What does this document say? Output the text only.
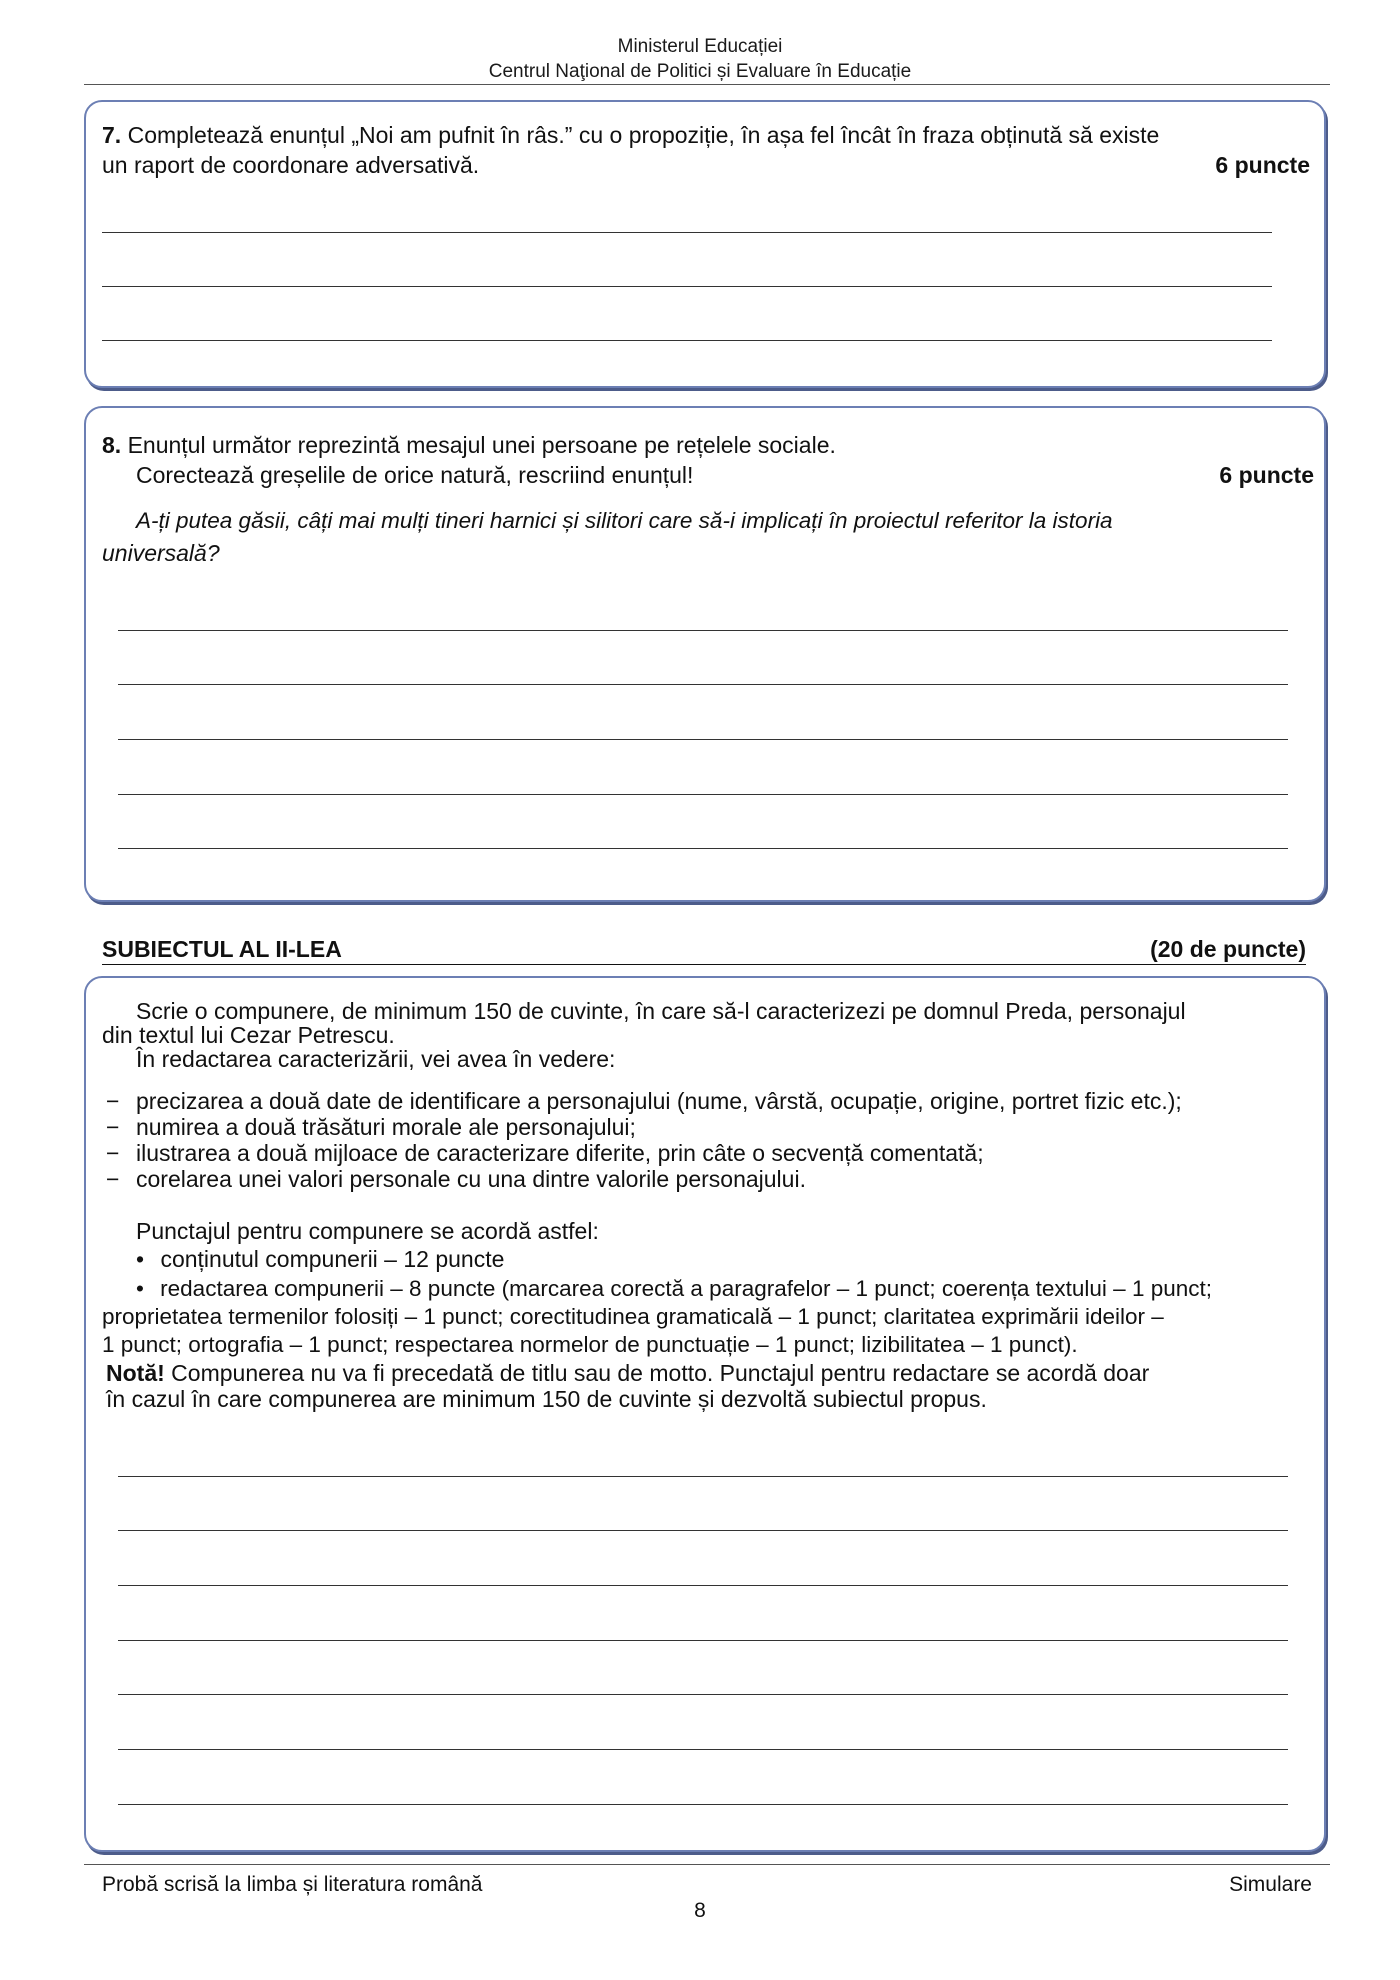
Ministerul Educației
Centrul Naţional de Politici și Evaluare în Educație
7. Completează enunțul „Noi am pufnit în râs.” cu o propoziție, în așa fel încât în fraza obținută să existe
un raport de coordonare adversativă.	6 puncte
8. Enunțul următor reprezintă mesajul unei persoane pe rețelele sociale.
Corectează greșelile de orice natură, rescriind enunțul!	6 puncte
A-ți putea găsii, câți mai mulți tineri harnici și silitori care să-i implicați în proiectul referitor la istoria
universală?
SUBIECTUL AL II-LEA	(20 de puncte)
Scrie o compunere, de minimum 150 de cuvinte, în care să-l caracterizezi pe domnul Preda, personajul
din textul lui Cezar Petrescu.
În redactarea caracterizării, vei avea în vedere:
− precizarea a două date de identificare a personajului (nume, vârstă, ocupație, origine, portret fizic etc.);
− numirea a două trăsături morale ale personajului;
− ilustrarea a două mijloace de caracterizare diferite, prin câte o secvență comentată;
− corelarea unei valori personale cu una dintre valorile personajului.
Punctajul pentru compunere se acordă astfel:
• conținutul compunerii – 12 puncte
• redactarea compunerii – 8 puncte (marcarea corectă a paragrafelor – 1 punct; coerența textului – 1 punct;
proprietatea termenilor folosiți – 1 punct; corectitudinea gramaticală – 1 punct; claritatea exprimării ideilor –
1 punct; ortografia – 1 punct; respectarea normelor de punctuație – 1 punct; lizibilitatea – 1 punct).
Notă! Compunerea nu va fi precedată de titlu sau de motto. Punctajul pentru redactare se acordă doar
în cazul în care compunerea are minimum 150 de cuvinte și dezvoltă subiectul propus.
Probă scrisă la limba și literatura română	Simulare
8
